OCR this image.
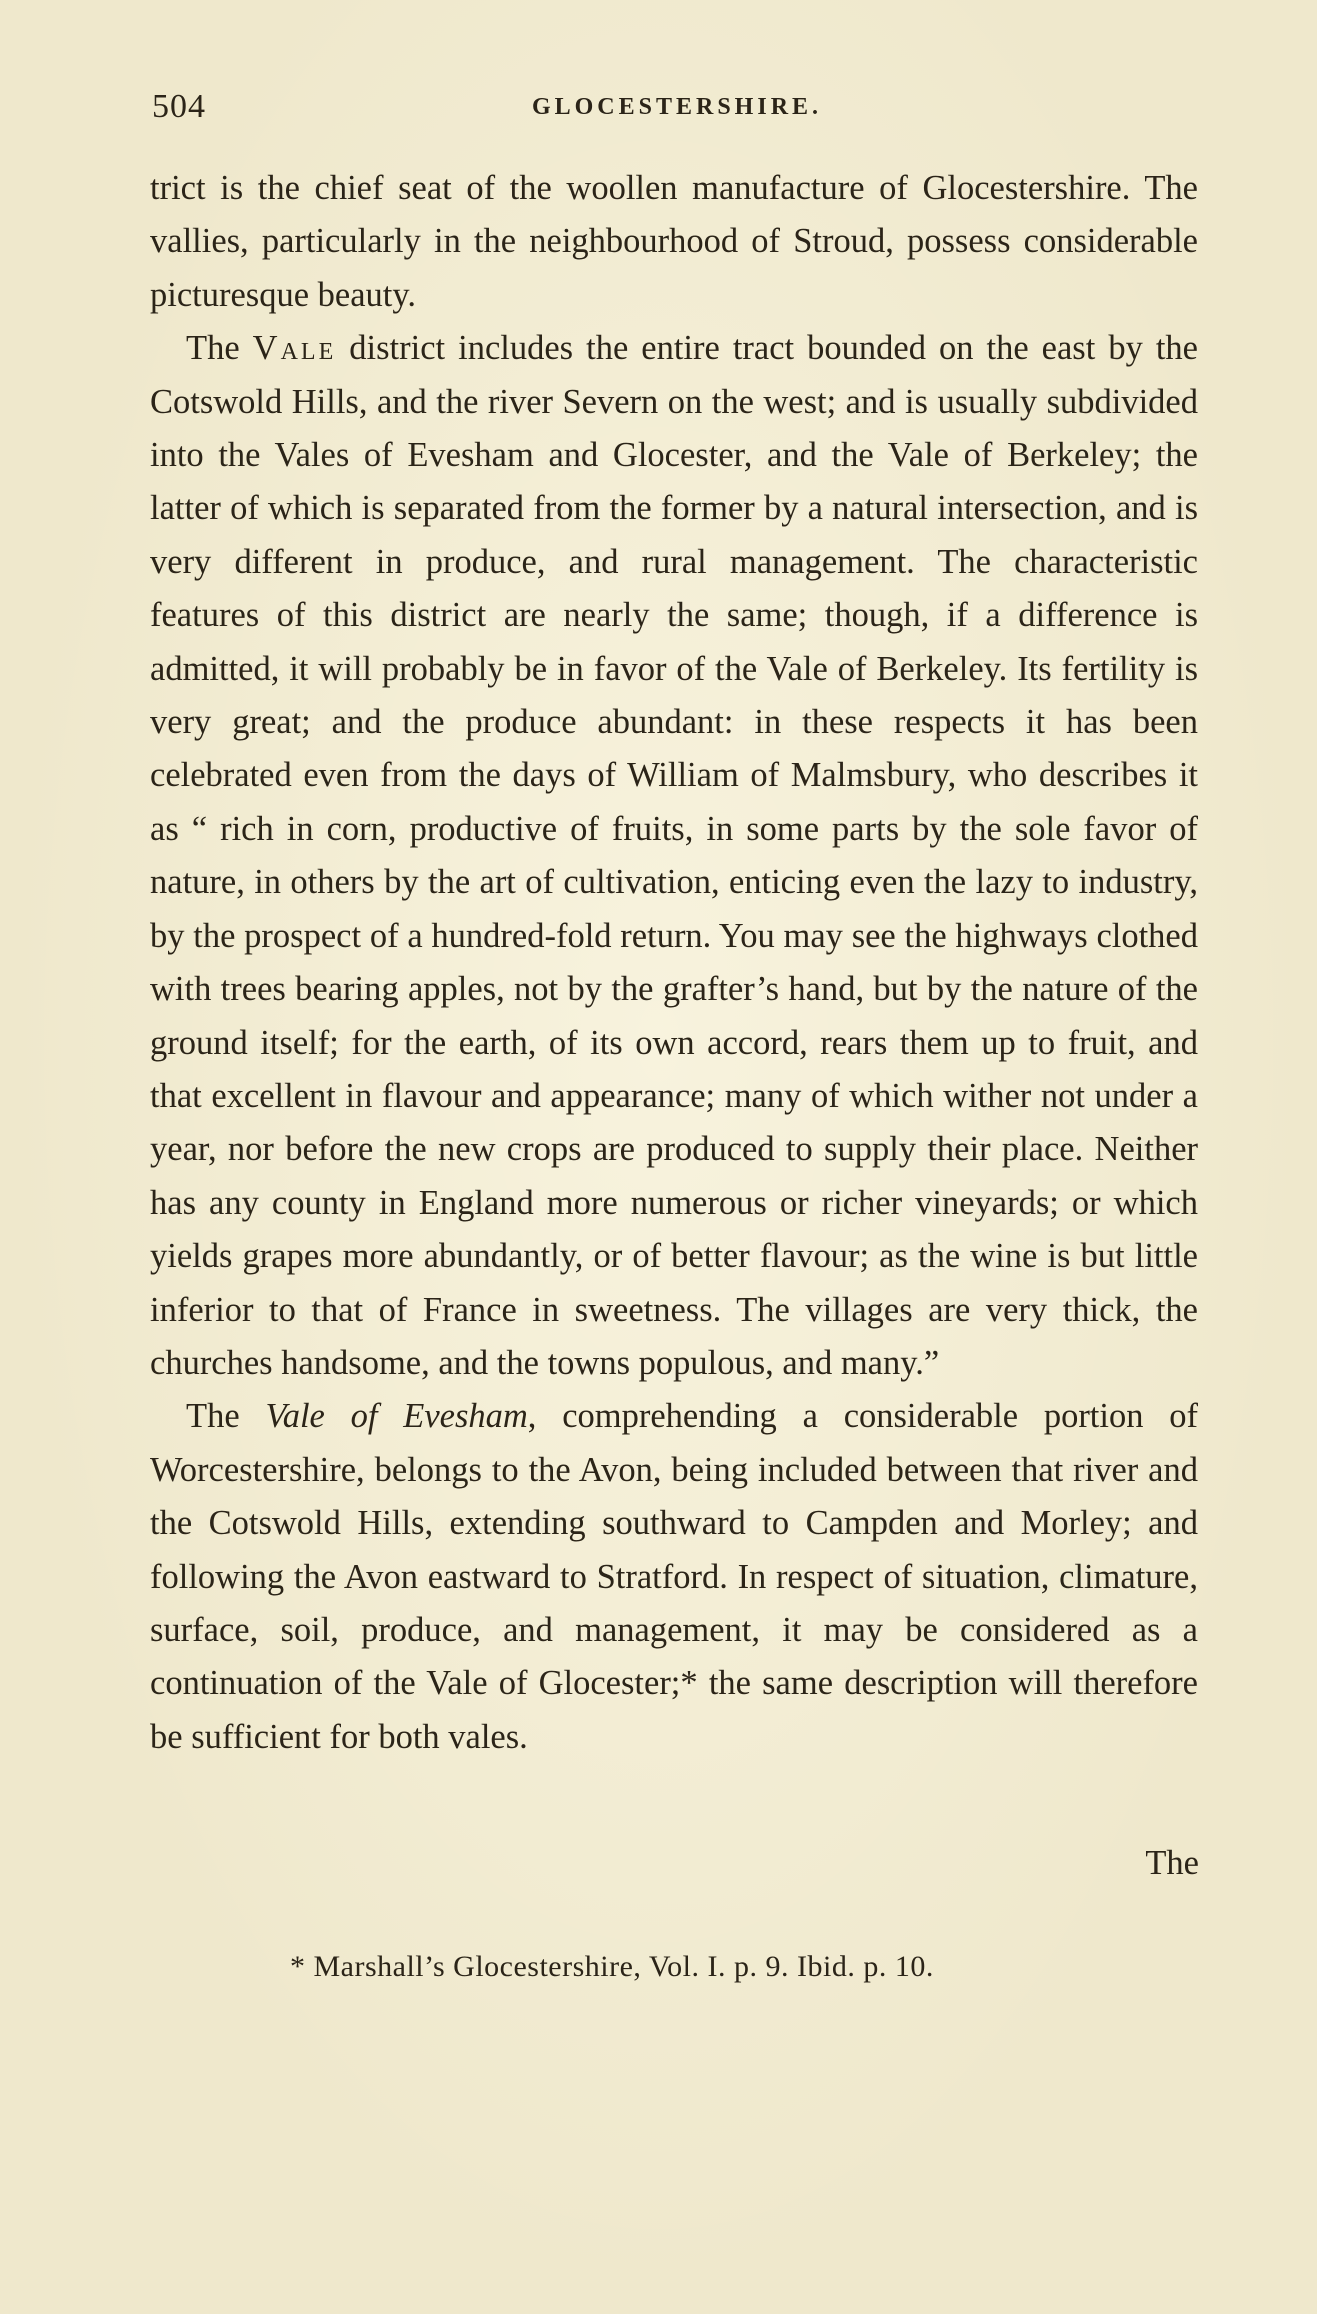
504	GLOCESTERSHIRE.

trict is the chief seat of the woollen manufacture of Glocestershire. The vallies, particularly in the neighbourhood of Stroud, possess considerable picturesque beauty.

The Vale district includes the entire tract bounded on the east by the Cotswold Hills, and the river Severn on the west; and is usually subdivided into the Vales of Evesham and Glocester, and the Vale of Berkeley; the latter of which is separated from the former by a natural intersection, and is very different in produce, and rural management. The characteristic features of this district are nearly the same; though, if a difference is admitted, it will probably be in favor of the Vale of Berkeley. Its fertility is very great; and the produce abundant: in these respects it has been celebrated even from the days of William of Malmsbury, who describes it as “ rich in corn, productive of fruits, in some parts by the sole favor of nature, in others by the art of cultivation, enticing even the lazy to industry, by the prospect of a hundred-fold return. You may see the highways clothed with trees bearing apples, not by the grafter’s hand, but by the nature of the ground itself; for the earth, of its own accord, rears them up to fruit, and that excellent in flavour and appearance; many of which wither not under a year, nor before the new crops are produced to supply their place. Neither has any county in England more numerous or richer vineyards; or which yields grapes more abundantly, or of better flavour; as the wine is but little inferior to that of France in sweetness. The villages are very thick, the churches handsome, and the towns populous, and many.”

The Vale of Evesham, comprehending a considerable portion of Worcestershire, belongs to the Avon, being included between that river and the Cotswold Hills, extending southward to Campden and Morley; and following the Avon eastward to Stratford. In respect of situation, climature, surface, soil, produce, and management, it may be considered as a continuation of the Vale of Glocester;* the same description will therefore be sufficient for both vales.

The
* Marshall’s Glocestershire, Vol. I. p. 9. Ibid. p. 10.
